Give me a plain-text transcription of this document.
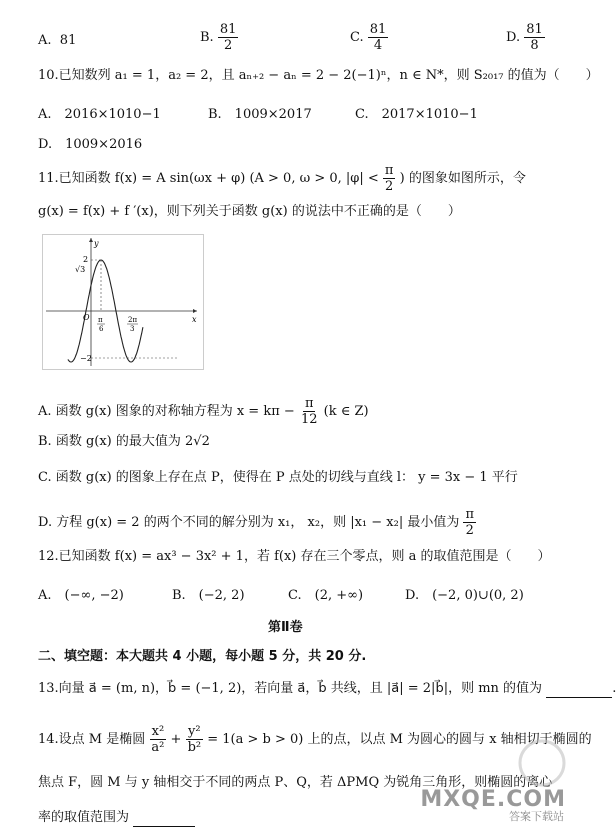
A. 81	B. $\frac{81}{2}$	C. $\frac{81}{4}$	D. $\frac{81}{8}$
10.已知数列 a₁ = 1，a₂ = 2，且 aₙ₊₂ − aₙ = 2 − 2(−1)ⁿ，n ∈ N*，则 S₂₀₁₇ 的值为（　　）
A.　2016×1010−1	B.　1009×2017	C.　2017×1010−1
D.　1009×2016
11.已知函数 f(x) = A sin(ωx + φ) (A > 0, ω > 0, $|\varphi| < \frac{\pi}{2}$ ) 的图象如图所示，令
g(x) = f(x) + f ′(x)，则下列关于函数 g(x) 的说法中不正确的是（　　）
y
x
O
2
√3
−2
π
6
2π
3
A. 函数 g(x) 图象的对称轴方程为 $x = k\pi - \frac{\pi}{12} (k$ ∈ Z)
B. 函数 g(x) 的最大值为 2√2
C. 函数 g(x) 的图象上存在点 P，使得在 P 点处的切线与直线 l： y = 3x − 1 平行
D. 方程 g(x) = 2 的两个不同的解分别为 x₁， x₂，则 |x₁ − x₂| 最小值为 $\frac{\pi}{2}$
12.已知函数 f(x) = ax³ − 3x² + 1，若 f(x) 存在三个零点，则 a 的取值范围是（　　）
A.　(−∞, −2)	B.　(−2, 2)	C.　(2, +∞)	D.　(−2, 0)∪(0, 2)
第Ⅱ卷
二、填空题：本大题共 4 小题，每小题 5 分，共 20 分.
13.向量 a⃗ = (m, n)，b⃗ = (−1, 2)，若向量 a⃗，b⃗ 共线，且 |a⃗| = 2|b⃗|，则 mn 的值为	.
14.设点 M 是椭圆 $\frac{\text{x²}}{\text{a²}} + \frac{\text{y²}}{\text{b²}} = 1(a > b > 0)$ 上的点，以点 M 为圆心的圆与 x 轴相切于椭圆的
焦点 F，圆 M 与 y 轴相交于不同的两点 P、Q，若 ΔPMQ 为锐角三角形，则椭圆的离心
率的取值范围为
MXQE.COM
答案下载站
